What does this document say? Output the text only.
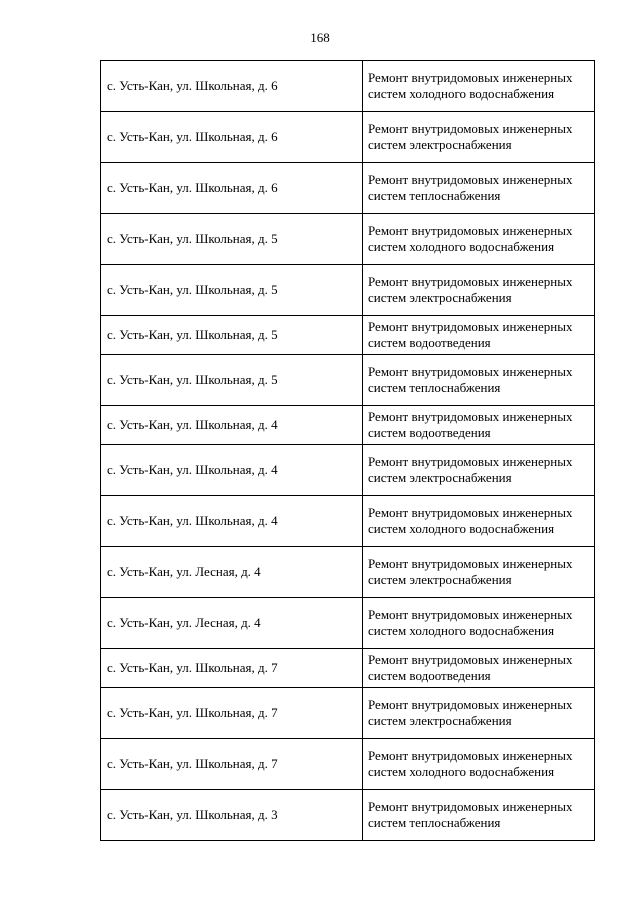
168
с. Усть-Кан, ул. Школьная, д. 6	Ремонт внутридомовых инженерных систем холодного водоснабжения
с. Усть-Кан, ул. Школьная, д. 6	Ремонт внутридомовых инженерных систем электроснабжения
с. Усть-Кан, ул. Школьная, д. 6	Ремонт внутридомовых инженерных систем теплоснабжения
с. Усть-Кан, ул. Школьная, д. 5	Ремонт внутридомовых инженерных систем холодного водоснабжения
с. Усть-Кан, ул. Школьная, д. 5	Ремонт внутридомовых инженерных систем электроснабжения
с. Усть-Кан, ул. Школьная, д. 5	Ремонт внутридомовых инженерных систем водоотведения
с. Усть-Кан, ул. Школьная, д. 5	Ремонт внутридомовых инженерных систем теплоснабжения
с. Усть-Кан, ул. Школьная, д. 4	Ремонт внутридомовых инженерных систем водоотведения
с. Усть-Кан, ул. Школьная, д. 4	Ремонт внутридомовых инженерных систем электроснабжения
с. Усть-Кан, ул. Школьная, д. 4	Ремонт внутридомовых инженерных систем холодного водоснабжения
с. Усть-Кан, ул. Лесная, д. 4	Ремонт внутридомовых инженерных систем электроснабжения
с. Усть-Кан, ул. Лесная, д. 4	Ремонт внутридомовых инженерных систем холодного водоснабжения
с. Усть-Кан, ул. Школьная, д. 7	Ремонт внутридомовых инженерных систем водоотведения
с. Усть-Кан, ул. Школьная, д. 7	Ремонт внутридомовых инженерных систем электроснабжения
с. Усть-Кан, ул. Школьная, д. 7	Ремонт внутридомовых инженерных систем холодного водоснабжения
с. Усть-Кан, ул. Школьная, д. 3	Ремонт внутридомовых инженерных систем теплоснабжения
